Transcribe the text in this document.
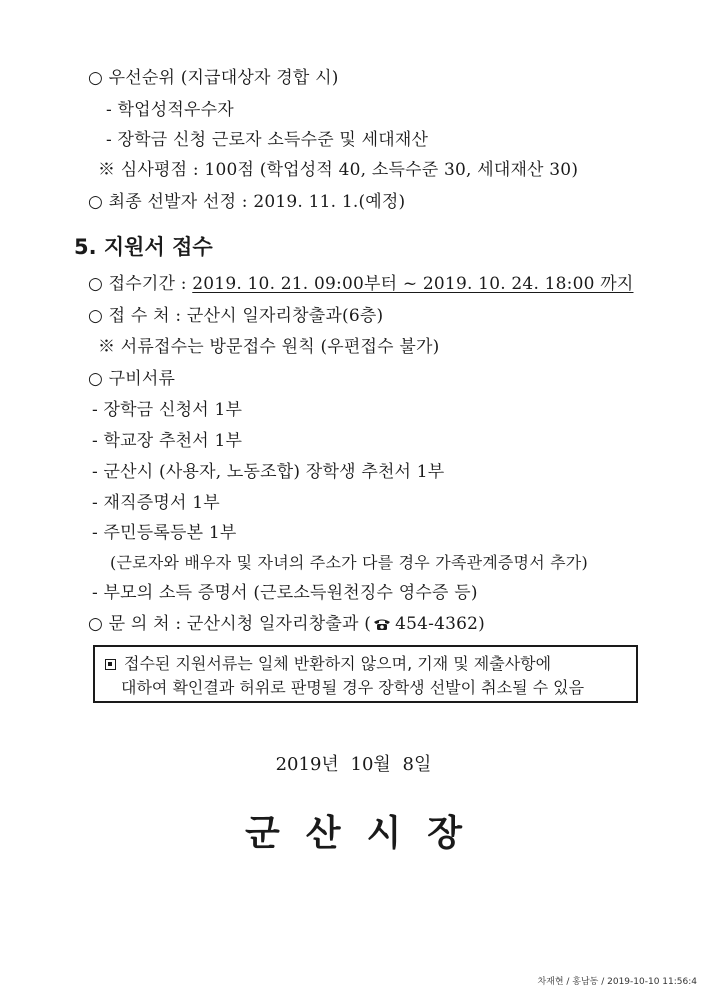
○ 우선순위 (지급대상자 경합 시)
- 학업성적우수자
- 장학금 신청 근로자 소득수준 및 세대재산
※ 심사평점 : 100점 (학업성적 40, 소득수준 30, 세대재산 30)
○ 최종 선발자 선정 : 2019. 11. 1.(예정)
5. 지원서 접수
○ 접수기간 : 2019. 10. 21. 09:00부터 ~ 2019. 10. 24. 18:00 까지
○ 접 수 처 : 군산시 일자리창출과(6층)
※ 서류접수는 방문접수 원칙 (우편접수 불가)
○ 구비서류
- 장학금 신청서 1부
- 학교장 추천서 1부
- 군산시 (사용자, 노동조합) 장학생 추천서 1부
- 재직증명서 1부
- 주민등록등본 1부
(근로자와 배우자 및 자녀의 주소가 다를 경우 가족관계증명서 추가)
- 부모의 소득 증명서 (근로소득원천징수 영수증 등)
○ 문 의 처 : 군산시청 일자리창출과 ( 454-4362)
접수된 지원서류는 일체 반환하지 않으며, 기재 및 제출사항에
대하여 확인결과 허위로 판명될 경우 장학생 선발이 취소될 수 있음
2019년 10월 8일
군산시장
차재현 / 홍남동 / 2019-10-10 11:56:4
